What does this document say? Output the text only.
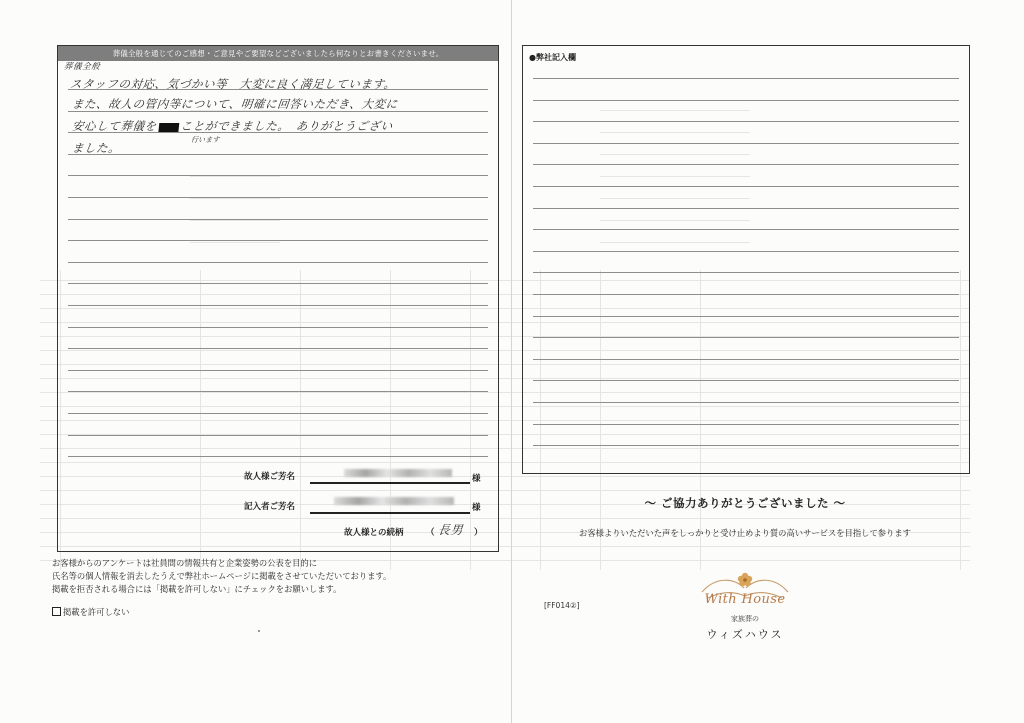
葬儀全般を通じてのご感想・ご意見やご要望などございましたら何なりとお書きくださいませ。
葬儀全般
スタッフの対応、気づかい等　大変に良く満足しています。
また、故人の管内等について、明確に回答いただき、大変に
安心して葬儀を ことができました。　ありがとうござい
行います
ました。
故人様ご芳名	様
記入者ご芳名	様
故人様との続柄	（ 長男 ）
お客様からのアンケートは社員間の情報共有と企業姿勢の公表を目的に
氏名等の個人情報を消去したうえで弊社ホームページに掲載をさせていただいております。
掲載を拒否される場合には「掲載を許可しない」にチェックをお願いします。
掲載を許可しない
●弊社記入欄
～ ご協力ありがとうございました ～
お客様よりいただいた声をしっかりと受け止めより質の高いサービスを目指して参ります
[FF014②]	With House
家族葬の
ウィズハウス
